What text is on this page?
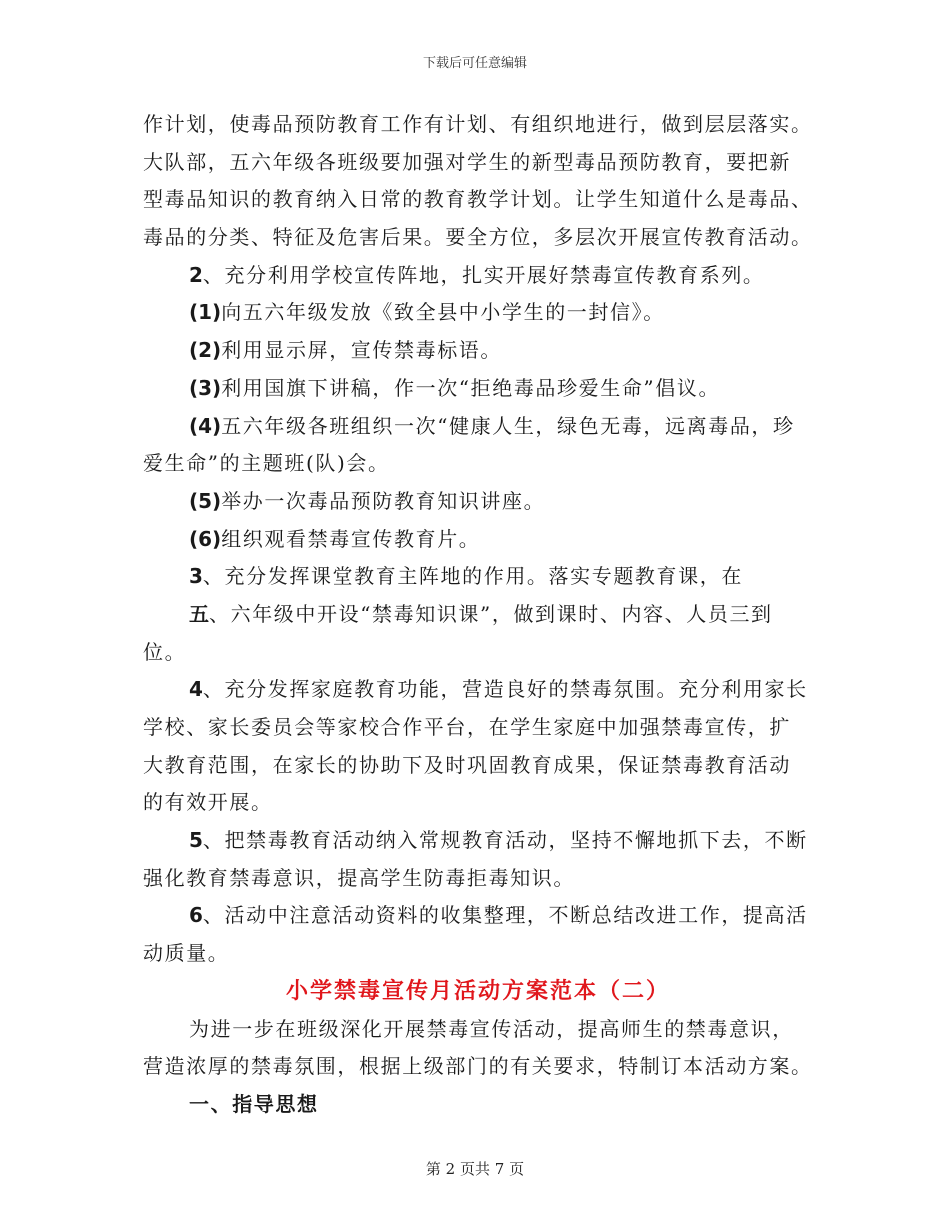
下载后可任意编辑
作计划，使毒品预防教育工作有计划、有组织地进行，做到层层落实。
大队部，五六年级各班级要加强对学生的新型毒品预防教育，要把新
型毒品知识的教育纳入日常的教育教学计划。让学生知道什么是毒品、
毒品的分类、特征及危害后果。要全方位，多层次开展宣传教育活动。
2、充分利用学校宣传阵地，扎实开展好禁毒宣传教育系列。
(1)向五六年级发放《致全县中小学生的一封信》。
(2)利用显示屏，宣传禁毒标语。
(3)利用国旗下讲稿，作一次“拒绝毒品珍爱生命”倡议。
(4)五六年级各班组织一次“健康人生，绿色无毒，远离毒品，珍
爱生命”的主题班(队)会。
(5)举办一次毒品预防教育知识讲座。
(6)组织观看禁毒宣传教育片。
3、充分发挥课堂教育主阵地的作用。落实专题教育课，在
五、六年级中开设“禁毒知识课”，做到课时、内容、人员三到
位。
4、充分发挥家庭教育功能，营造良好的禁毒氛围。充分利用家长
学校、家长委员会等家校合作平台，在学生家庭中加强禁毒宣传，扩
大教育范围，在家长的协助下及时巩固教育成果，保证禁毒教育活动
的有效开展。
5、把禁毒教育活动纳入常规教育活动，坚持不懈地抓下去，不断
强化教育禁毒意识，提高学生防毒拒毒知识。
6、活动中注意活动资料的收集整理，不断总结改进工作，提高活
动质量。
小学禁毒宣传月活动方案范本（二）
为进一步在班级深化开展禁毒宣传活动，提高师生的禁毒意识，
营造浓厚的禁毒氛围，根据上级部门的有关要求，特制订本活动方案。
一、指导思想
第 2 页共 7 页
